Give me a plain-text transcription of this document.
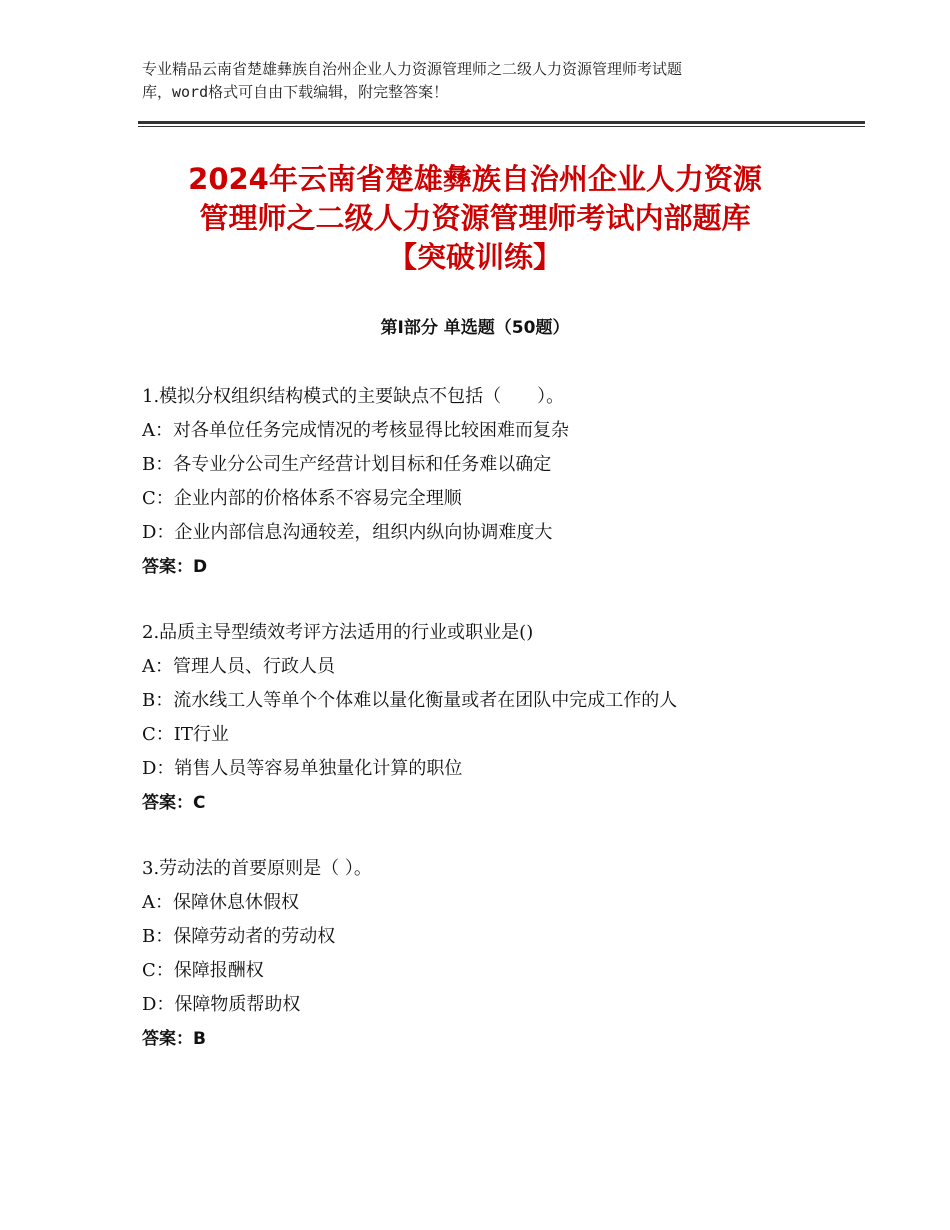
专业精品云南省楚雄彝族自治州企业人力资源管理师之二级人力资源管理师考试题
库，word格式可自由下载编辑，附完整答案！
2024年云南省楚雄彝族自治州企业人力资源
管理师之二级人力资源管理师考试内部题库
【突破训练】
第Ⅰ部分 单选题（50题）
1.模拟分权组织结构模式的主要缺点不包括（　　）。
A：对各单位任务完成情况的考核显得比较困难而复杂
B：各专业分公司生产经营计划目标和任务难以确定
C：企业内部的价格体系不容易完全理顺
D：企业内部信息沟通较差，组织内纵向协调难度大
答案：D
2.品质主导型绩效考评方法适用的行业或职业是()
A：管理人员、行政人员
B：流水线工人等单个个体难以量化衡量或者在团队中完成工作的人
C：IT行业
D：销售人员等容易单独量化计算的职位
答案：C
3.劳动法的首要原则是（ ）。
A：保障休息休假权
B：保障劳动者的劳动权
C：保障报酬权
D：保障物质帮助权
答案：B
